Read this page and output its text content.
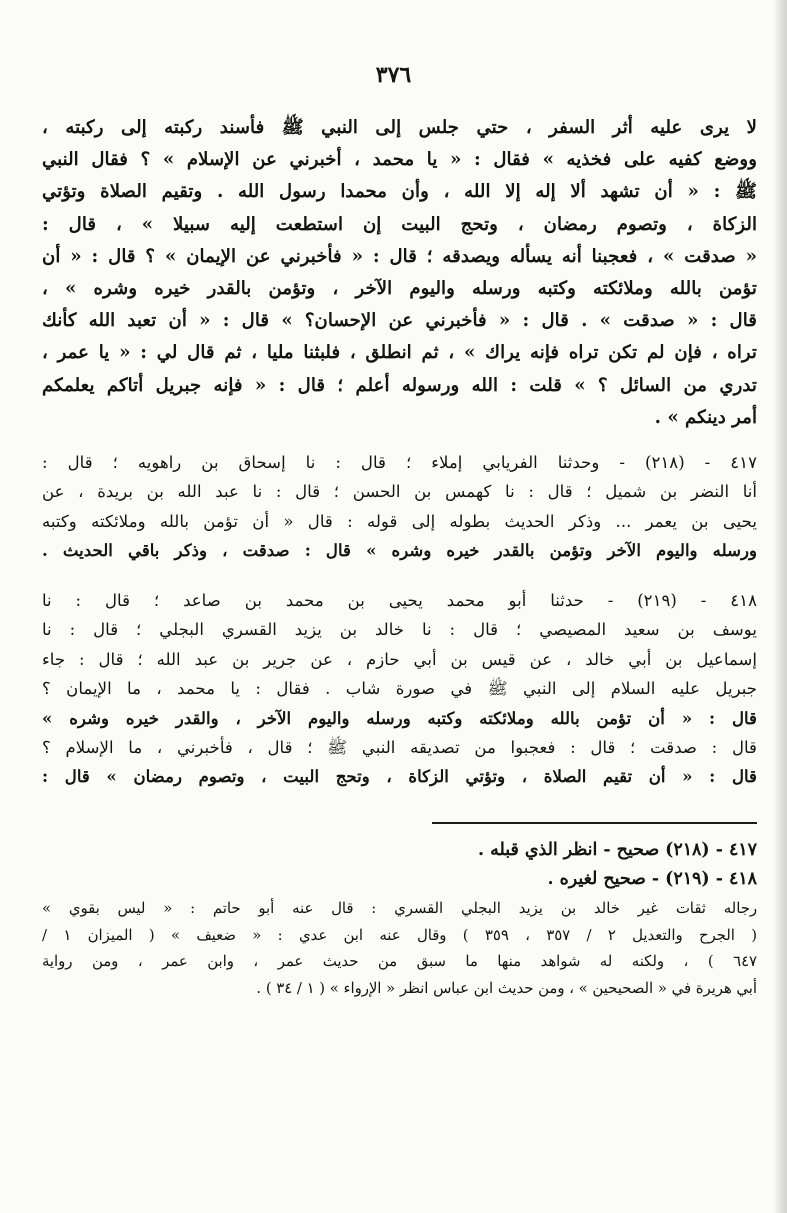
٣٧٦
لا يرى عليه أثر السفر ، حتي جلس إلى النبي ﷺ فأسند ركبته إلى ركبته ،
ووضع كفيه على فخذيه » فقال : « يا محمد ، أخبرني عن الإسلام » ؟ فقال النبي
ﷺ : « أن تشهد ألا إله إلا الله ، وأن محمدا رسول الله . وتقيم الصلاة وتؤتي
الزكاة ، وتصوم رمضان ، وتحج البيت إن استطعت إليه سبيلا » ، قال :
« صدقت » ، فعجبنا أنه يسأله ويصدقه ؛ قال : « فأخبرني عن الإيمان » ؟ قال : « أن
تؤمن بالله وملائكته وكتبه ورسله واليوم الآخر ، وتؤمن بالقدر خيره وشره » ،
قال : « صدقت » . قال : « فأخبرني عن الإحسان؟ » قال : « أن تعبد الله كأنك
تراه ، فإن لم تكن تراه فإنه يراك » ، ثم انطلق ، فلبثنا مليا ، ثم قال لي : « يا عمر ،
تدري من السائل ؟ » قلت : الله ورسوله أعلم ؛ قال : « فإنه جبريل أتاكم يعلمكم
أمر دينكم » .
٤١٧ - (٢١٨) - وحدثنا الفريابي إملاء ؛ قال : نا إسحاق بن راهويه ؛ قال :
أنا النضر بن شميل ؛ قال : نا كهمس بن الحسن ؛ قال : نا عبد الله بن بريدة ، عن
يحيى بن يعمر ... وذكر الحديث بطوله إلى قوله : قال « أن تؤمن بالله وملائكته وكتبه
ورسله واليوم الآخر وتؤمن بالقدر خيره وشره » قال : صدقت ، وذكر باقي الحديث .
٤١٨ - (٢١٩) - حدثنا أبو محمد يحيى بن محمد بن صاعد ؛ قال : نا
يوسف بن سعيد المصيصي ؛ قال : نا خالد بن يزيد القسري البجلي ؛ قال : نا
إسماعيل بن أبي خالد ، عن قيس بن أبي حازم ، عن جرير بن عبد الله ؛ قال : جاء
جبريل عليه السلام إلى النبي ﷺ في صورة شاب . فقال : يا محمد ، ما الإيمان ؟
قال : « أن تؤمن بالله وملائكته وكتبه ورسله واليوم الآخر ، والقدر خيره وشره »
قال : صدقت ؛ قال : فعجبوا من تصديقه النبي ﷺ ؛ قال ، فأخبرني ، ما الإسلام ؟
قال : « أن تقيم الصلاة ، وتؤتي الزكاة ، وتحج البيت ، وتصوم رمضان » قال :
٤١٧ - (٢١٨) صحيح - انظر الذي قبله .
٤١٨ - (٢١٩) - صحيح لغيره .
رجاله ثقات غير خالد بن يزيد البجلي القسري : قال عنه أبو حاتم : « ليس بقوي »
( الجرح والتعديل ٢ / ٣٥٧ ، ٣٥٩ ) وقال عنه ابن عدي : « ضعيف » ( الميزان ١ /
٦٤٧ ) ، ولكنه له شواهد منها ما سبق من حديث عمر ، وابن عمر ، ومن رواية
أبي هريرة في « الصحيحين » ، ومن حديث ابن عباس انظر « الإرواء » ( ١ / ٣٤ ) .
